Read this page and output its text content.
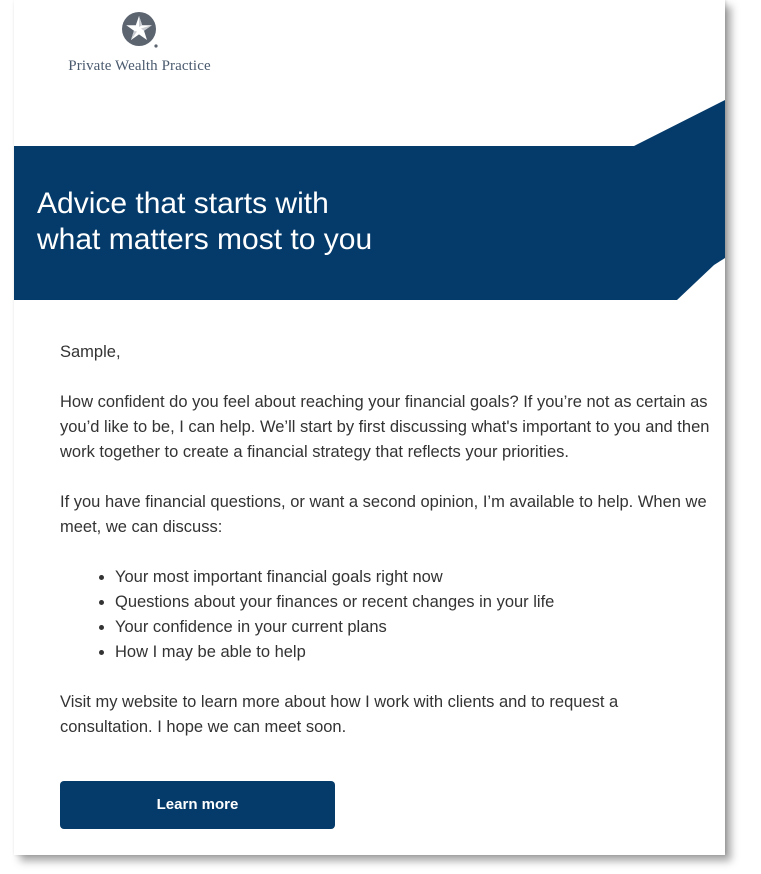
Private Wealth Practice
Advice that starts with
what matters most to you

Sample,

How confident do you feel about reaching your financial goals? If you’re not as certain as you’d like to be, I can help. We’ll start by first discussing what's important to you and then work together to create a financial strategy that reflects your priorities.

If you have financial questions, or want a second opinion, I’m available to help. When we meet, we can discuss:

• Your most important financial goals right now
• Questions about your finances or recent changes in your life
• Your confidence in your current plans
• How I may be able to help

Visit my website to learn more about how I work with clients and to request a consultation. I hope we can meet soon.

Learn more
